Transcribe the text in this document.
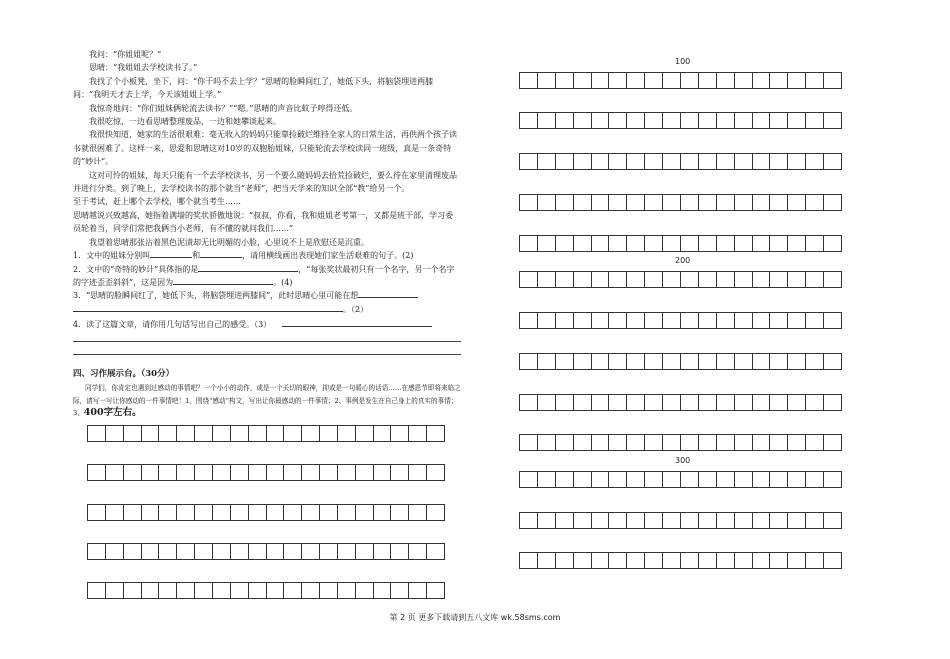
我问：“你姐姐呢？”

思晴：“我姐姐去学校读书了。”

我找了个小板凳，坐下，问：“你干吗不去上学？”思晴的脸瞬间红了，她低下头，将脑袋埋进两膝间：“我明天才去上学，今天该姐姐上学。”

我惊奇地问：“你们姐妹俩轮流去读书？”“嗯。”思晴的声音比蚊子哼得还低。

我很吃惊，一边看思晴整理废品，一边和她攀谈起来。

我很快知道，她家的生活很艰难：毫无收入的妈妈只能靠捡破烂维持全家人的日常生活，再供两个孩子读书就很困难了。这样一来，思爱和思晴这对10岁的双胞胎姐妹，只能轮流去学校读同一班级，真是一条奇特的“妙计”。

这对可怜的姐妹，每天只能有一个去学校读书，另一个要么随妈妈去拾荒捡破烂，要么待在家里清理废品并进行分类。到了晚上，去学校读书的那个就当“老师”，把当天学来的知识全部“教”给另一个。

至于考试，赶上哪个去学校，哪个就当考生……

思晴越说兴致越高，她指着满墙的奖状骄傲地说：“叔叔，你看，我和姐姐老考第一，又都是班干部，学习委员轮着当，同学们常把我俩当小老师，有不懂的就问我们……”

我望着思晴那张沾着黑色泥渍却无比明媚的小脸，心里说不上是欣慰还是沉重。

1．文中的姐妹分别叫	和	，请用横线画出表现她们家生活艰难的句子。(2)

2．文中的“奇特的妙计”具体指的是	，“每张奖状最初只有一个名字，另一个名字的字迹歪歪斜斜”，这是因为	。(4)

3．“思晴的脸瞬间红了，她低下头，将脑袋埋进两膝间”，此时思晴心里可能在想
。（2）

4．读了这篇文章，请你用几句话写出自己的感受。（3）

四、习作展示台。（30分）

同学们，你肯定也遇到过感动的事情吧？一个小小的动作，或是一个关切的眼神，抑或是一句暖心的话语……在感恩节即将来临之际，请写一写让你感动的一件事情吧！1、围绕“感动”构文，写出让你最感动的一件事情；2、事例是发生在自己身上的真实的事情；3、400字左右。

100
200
300
第 2 页 更多下载请到五八文库 wk.58sms.com
